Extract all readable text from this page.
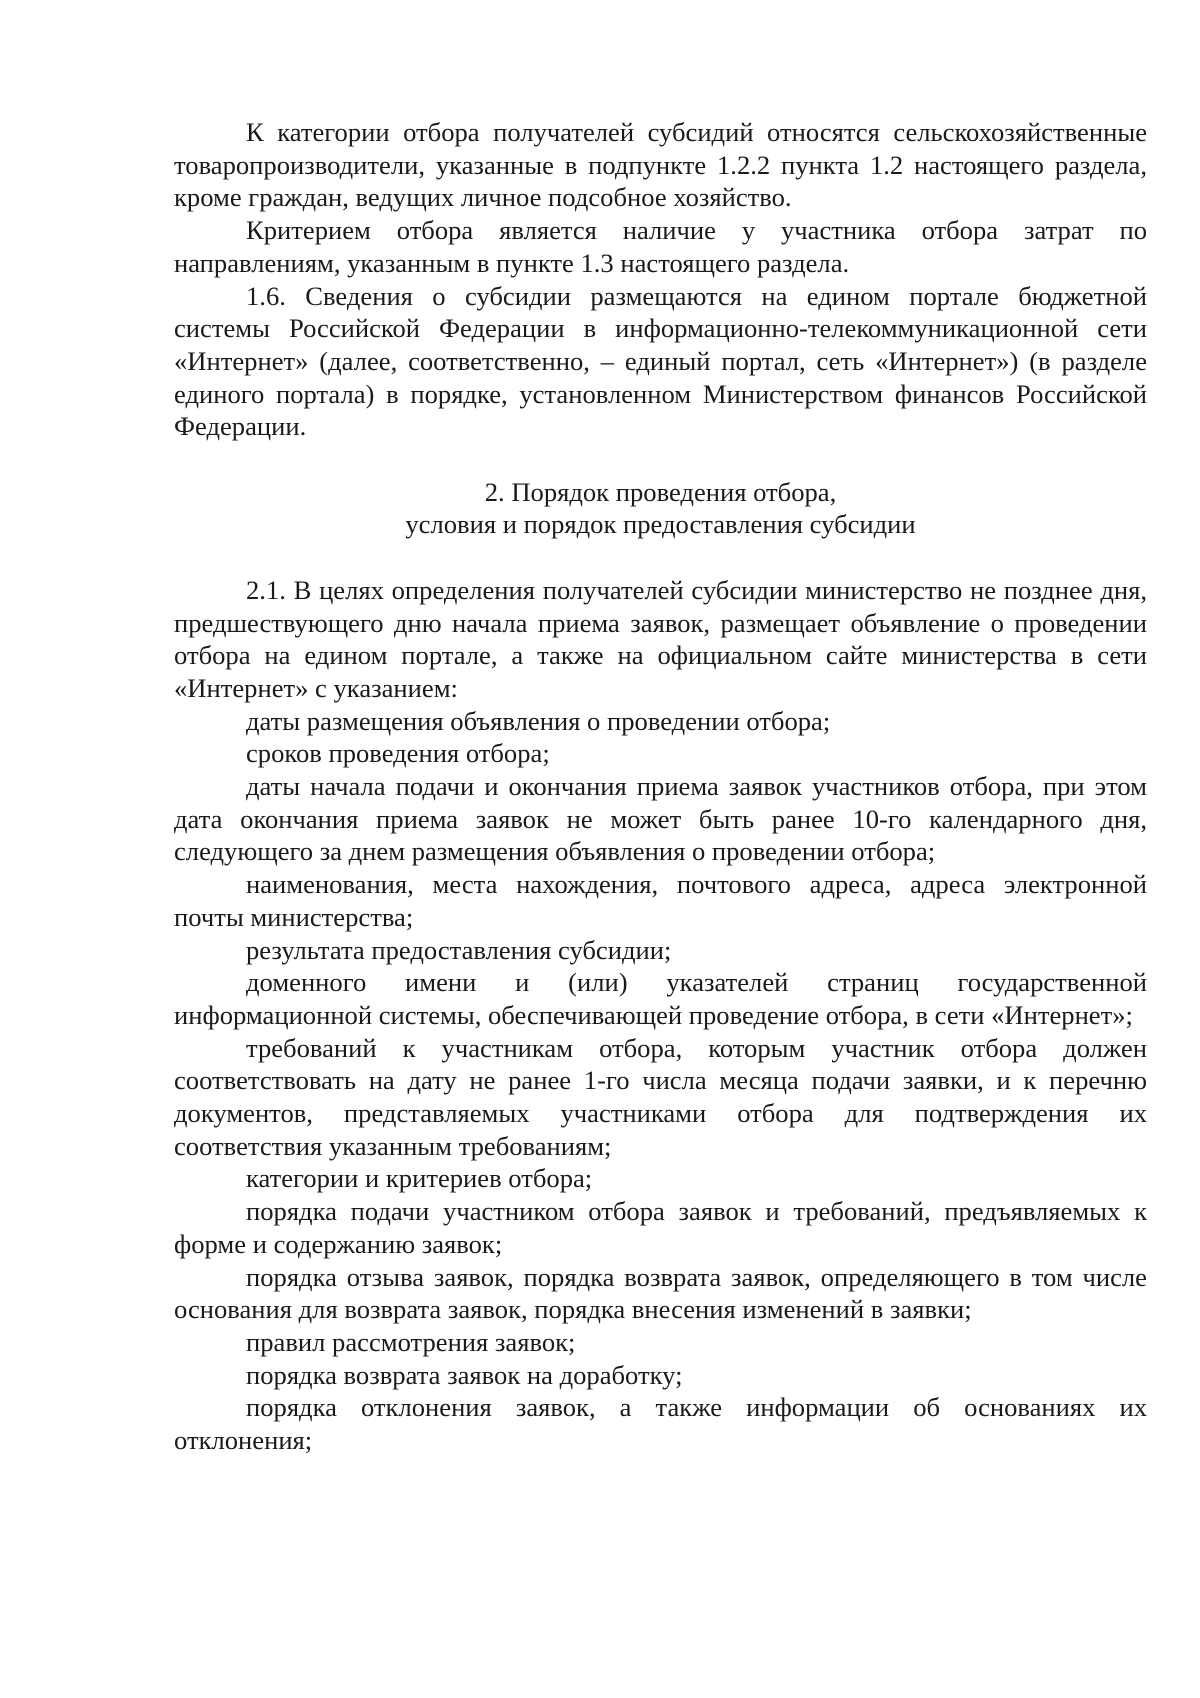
К категории отбора получателей субсидий относятся сельскохозяйственные товаропроизводители, указанные в подпункте 1.2.2 пункта 1.2 настоящего раздела, кроме граждан, ведущих личное подсобное хозяйство.

Критерием отбора является наличие у участника отбора затрат по направлениям, указанным в пункте 1.3 настоящего раздела.

1.6. Сведения о субсидии размещаются на едином портале бюджетной системы Российской Федерации в информационно-телекоммуникационной сети «Интернет» (далее, соответственно, – единый портал, сеть «Интернет») (в разделе единого портала) в порядке, установленном Министерством финансов Российской Федерации.

2. Порядок проведения отбора,

условия и порядок предоставления субсидии

2.1. В целях определения получателей субсидии министерство не позднее дня, предшествующего дню начала приема заявок, размещает объявление о проведении отбора на едином портале, а также на официальном сайте министерства в сети «Интернет» с указанием:

даты размещения объявления о проведении отбора;

сроков проведения отбора;

даты начала подачи и окончания приема заявок участников отбора, при этом дата окончания приема заявок не может быть ранее 10-го календарного дня, следующего за днем размещения объявления о проведении отбора;

наименования, места нахождения, почтового адреса, адреса электронной почты министерства;

результата предоставления субсидии;

доменного имени и (или) указателей страниц государственной информационной системы, обеспечивающей проведение отбора, в сети «Интернет»;

требований к участникам отбора, которым участник отбора должен соответствовать на дату не ранее 1-го числа месяца подачи заявки, и к перечню документов, представляемых участниками отбора для подтверждения их соответствия указанным требованиям;

категории и критериев отбора;

порядка подачи участником отбора заявок и требований, предъявляемых к форме и содержанию заявок;

порядка отзыва заявок, порядка возврата заявок, определяющего в том числе основания для возврата заявок, порядка внесения изменений в заявки;

правил рассмотрения заявок;

порядка возврата заявок на доработку;

порядка отклонения заявок, а также информации об основаниях их отклонения;
